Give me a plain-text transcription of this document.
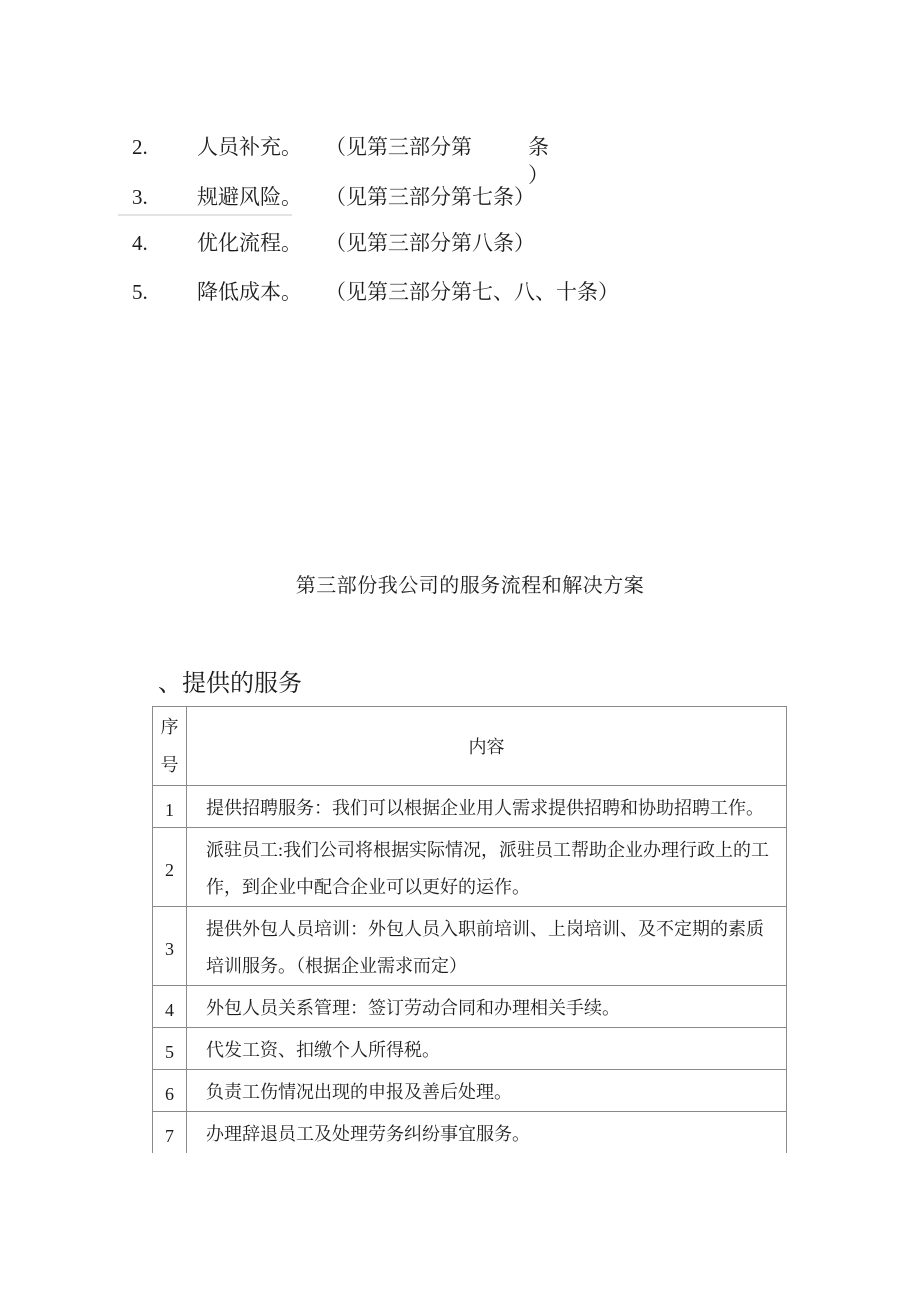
2.	人员补充。	（见第三部分第	条
）
3.	规避风险。	（见第三部分第七条）
4.	优化流程。	（见第三部分第八条）
5.	降低成本。	（见第三部分第七、八、十条）
第三部份我公司的服务流程和解决方案
、提供的服务
序号	内容
1	提供招聘服务：我们可以根据企业用人需求提供招聘和协助招聘工作。
2	派驻员工:我们公司将根据实际情况，派驻员工帮助企业办理行政上的工作，到企业中配合企业可以更好的运作。
3	提供外包人员培训：外包人员入职前培训、上岗培训、及不定期的素质培训服务。（根据企业需求而定）
4	外包人员关系管理：签订劳动合同和办理相关手续。
5	代发工资、扣缴个人所得税。
6	负责工伤情况出现的申报及善后处理。
7	办理辞退员工及处理劳务纠纷事宜服务。
